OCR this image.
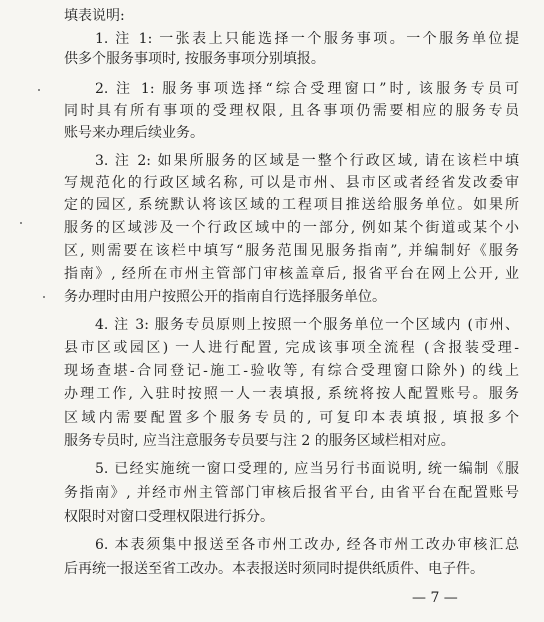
填表说明:
1. 注 1: 一张表上只能选择一个服务事项。一个服务单位提
供多个服务事项时, 按服务事项分别填报。
2. 注 1: 服务事项选择“综合受理窗口”时, 该服务专员可
同时具有所有事项的受理权限, 且各事项仍需要相应的服务专员
账号来办理后续业务。
3. 注 2: 如果所服务的区域是一整个行政区域, 请在该栏中填
写规范化的行政区域名称, 可以是市州、县市区或者经省发改委审
定的园区, 系统默认将该区域的工程项目推送给服务单位。如果所
服务的区域涉及一个行政区域中的一部分, 例如某个街道或某个小
区, 则需要在该栏中填写“服务范围见服务指南”, 并编制好《服务
指南》, 经所在市州主管部门审核盖章后, 报省平台在网上公开, 业
务办理时由用户按照公开的指南自行选择服务单位。
4. 注 3: 服务专员原则上按照一个服务单位一个区域内 (市州、
县市区或园区) 一人进行配置, 完成该事项全流程 (含报装受理-
现场查堪-合同登记-施工-验收等, 有综合受理窗口除外) 的线上
办理工作, 入驻时按照一人一表填报, 系统将按人配置账号。服务
区域内需要配置多个服务专员的, 可复印本表填报, 填报多个
服务专员时, 应当注意服务专员要与注 2 的服务区域栏相对应。
5. 已经实施统一窗口受理的, 应当另行书面说明, 统一编制《服
务指南》, 并经市州主管部门审核后报省平台, 由省平台在配置账号
权限时对窗口受理权限进行拆分。
6. 本表须集中报送至各市州工改办, 经各市州工改办审核汇总
后再统一报送至省工改办。本表报送时须同时提供纸质件、电子件。
— 7 —
